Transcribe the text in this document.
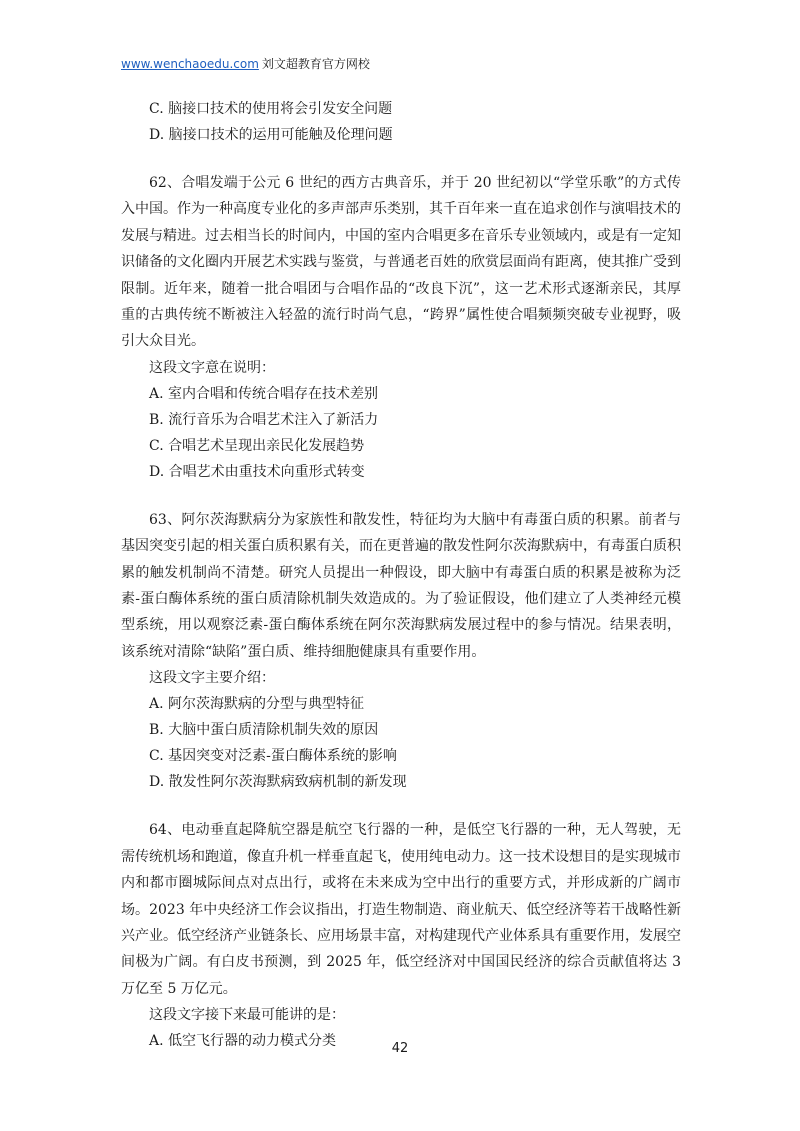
www.wenchaoedu.com 刘文超教育官方网校
C. 脑接口技术的使用将会引发安全问题
D. 脑接口技术的运用可能触及伦理问题

62、合唱发端于公元 6 世纪的西方古典音乐，并于 20 世纪初以“学堂乐歌”的方式传入中国。作为一种高度专业化的多声部声乐类别，其千百年来一直在追求创作与演唱技术的发展与精进。过去相当长的时间内，中国的室内合唱更多在音乐专业领域内，或是有一定知识储备的文化圈内开展艺术实践与鉴赏，与普通老百姓的欣赏层面尚有距离，使其推广受到限制。近年来，随着一批合唱团与合唱作品的“改良下沉”，这一艺术形式逐渐亲民，其厚重的古典传统不断被注入轻盈的流行时尚气息，“跨界”属性使合唱频频突破专业视野，吸引大众目光。

这段文字意在说明：
A. 室内合唱和传统合唱存在技术差别
B. 流行音乐为合唱艺术注入了新活力
C. 合唱艺术呈现出亲民化发展趋势
D. 合唱艺术由重技术向重形式转变

63、阿尔茨海默病分为家族性和散发性，特征均为大脑中有毒蛋白质的积累。前者与基因突变引起的相关蛋白质积累有关，而在更普遍的散发性阿尔茨海默病中，有毒蛋白质积累的触发机制尚不清楚。研究人员提出一种假设，即大脑中有毒蛋白质的积累是被称为泛素-蛋白酶体系统的蛋白质清除机制失效造成的。为了验证假设，他们建立了人类神经元模型系统，用以观察泛素-蛋白酶体系统在阿尔茨海默病发展过程中的参与情况。结果表明，该系统对清除“缺陷”蛋白质、维持细胞健康具有重要作用。

这段文字主要介绍：
A. 阿尔茨海默病的分型与典型特征
B. 大脑中蛋白质清除机制失效的原因
C. 基因突变对泛素-蛋白酶体系统的影响
D. 散发性阿尔茨海默病致病机制的新发现

64、电动垂直起降航空器是航空飞行器的一种，是低空飞行器的一种，无人驾驶，无需传统机场和跑道，像直升机一样垂直起飞，使用纯电动力。这一技术设想目的是实现城市内和都市圈城际间点对点出行，或将在未来成为空中出行的重要方式，并形成新的广阔市场。2023 年中央经济工作会议指出，打造生物制造、商业航天、低空经济等若干战略性新兴产业。低空经济产业链条长、应用场景丰富，对构建现代产业体系具有重要作用，发展空间极为广阔。有白皮书预测，到 2025 年，低空经济对中国国民经济的综合贡献值将达 3 万亿至 5 万亿元。

这段文字接下来最可能讲的是：
A. 低空飞行器的动力模式分类	42
